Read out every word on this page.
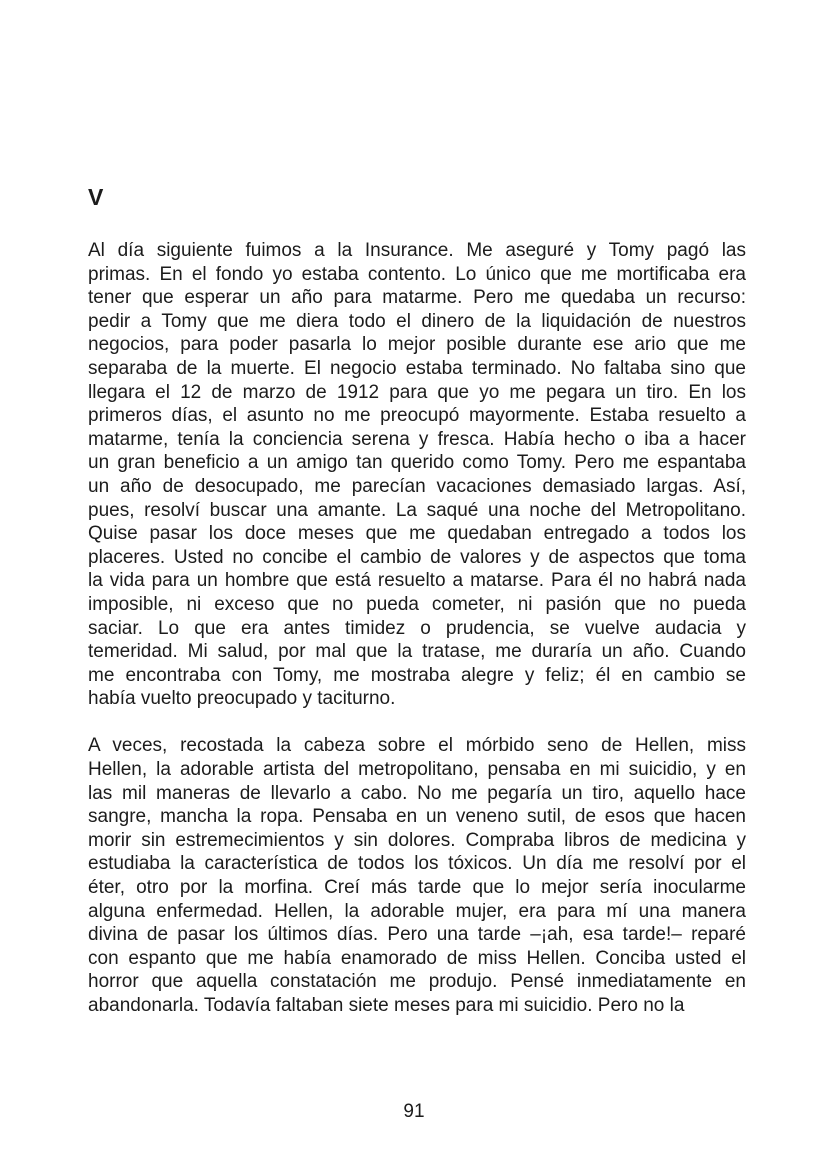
V

Al día siguiente fuimos a la Insurance. Me aseguré y Tomy pagó las
primas. En el fondo yo estaba contento. Lo único que me mortificaba era
tener que esperar un año para matarme. Pero me quedaba un recurso:
pedir a Tomy que me diera todo el dinero de la liquidación de nuestros
negocios, para poder pasarla lo mejor posible durante ese ario que me
separaba de la muerte. El negocio estaba terminado. No faltaba sino que
llegara el 12 de marzo de 1912 para que yo me pegara un tiro. En los
primeros días, el asunto no me preocupó mayormente. Estaba resuelto a
matarme, tenía la conciencia serena y fresca. Había hecho o iba a hacer
un gran beneficio a un amigo tan querido como Tomy. Pero me espantaba
un año de desocupado, me parecían vacaciones demasiado largas. Así,
pues, resolví buscar una amante. La saqué una noche del Metropolitano.
Quise pasar los doce meses que me quedaban entregado a todos los
placeres. Usted no concibe el cambio de valores y de aspectos que toma
la vida para un hombre que está resuelto a matarse. Para él no habrá nada
imposible, ni exceso que no pueda cometer, ni pasión que no pueda
saciar. Lo que era antes timidez o prudencia, se vuelve audacia y
temeridad. Mi salud, por mal que la tratase, me duraría un año. Cuando
me encontraba con Tomy, me mostraba alegre y feliz; él en cambio se
había vuelto preocupado y taciturno.

A veces, recostada la cabeza sobre el mórbido seno de Hellen, miss
Hellen, la adorable artista del metropolitano, pensaba en mi suicidio, y en
las mil maneras de llevarlo a cabo. No me pegaría un tiro, aquello hace
sangre, mancha la ropa. Pensaba en un veneno sutil, de esos que hacen
morir sin estremecimientos y sin dolores. Compraba libros de medicina y
estudiaba la característica de todos los tóxicos. Un día me resolví por el
éter, otro por la morfina. Creí más tarde que lo mejor sería inocularme
alguna enfermedad. Hellen, la adorable mujer, era para mí una manera
divina de pasar los últimos días. Pero una tarde –¡ah, esa tarde!– reparé
con espanto que me había enamorado de miss Hellen. Conciba usted el
horror que aquella constatación me produjo. Pensé inmediatamente en
abandonarla. Todavía faltaban siete meses para mi suicidio. Pero no la

91
